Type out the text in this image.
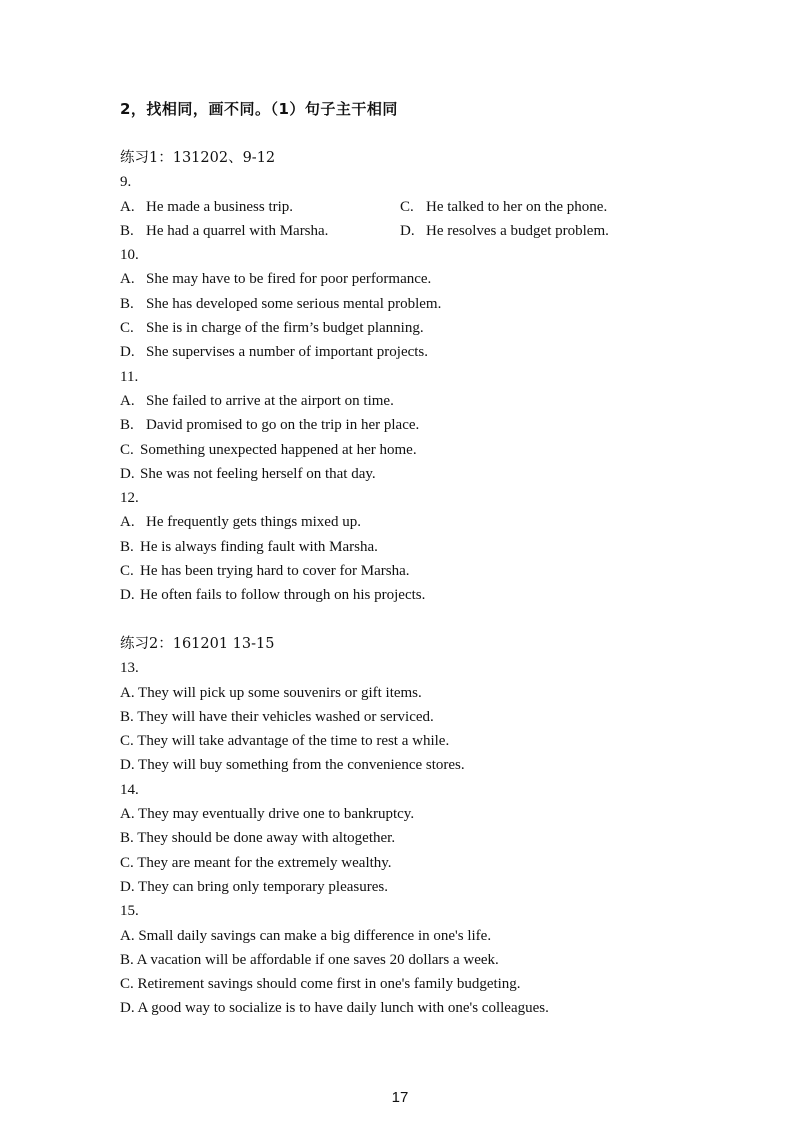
2，找相同，画不同。（1）句子主干相同
练习1：131202、9-12
9.
A. He made a business trip.	C. He talked to her on the phone.
B. He had a quarrel with Marsha.	D. He resolves a budget problem.
10.
A. She may have to be fired for poor performance.
B. She has developed some serious mental problem.
C. She is in charge of the firm’s budget planning.
D. She supervises a number of important projects.
11.
A. She failed to arrive at the airport on time.
B. David promised to go on the trip in her place.
C. Something unexpected happened at her home.
D. She was not feeling herself on that day.
12.
A. He frequently gets things mixed up.
B. He is always finding fault with Marsha.
C. He has been trying hard to cover for Marsha.
D. He often fails to follow through on his projects.
练习2：161201 13-15
13.
A. They will pick up some souvenirs or gift items.
B. They will have their vehicles washed or serviced.
C. They will take advantage of the time to rest a while.
D. They will buy something from the convenience stores.
14.
A. They may eventually drive one to bankruptcy.
B. They should be done away with altogether.
C. They are meant for the extremely wealthy.
D. They can bring only temporary pleasures.
15.
A. Small daily savings can make a big difference in one's life.
B. A vacation will be affordable if one saves 20 dollars a week.
C. Retirement savings should come first in one's family budgeting.
D. A good way to socialize is to have daily lunch with one's colleagues.
17
